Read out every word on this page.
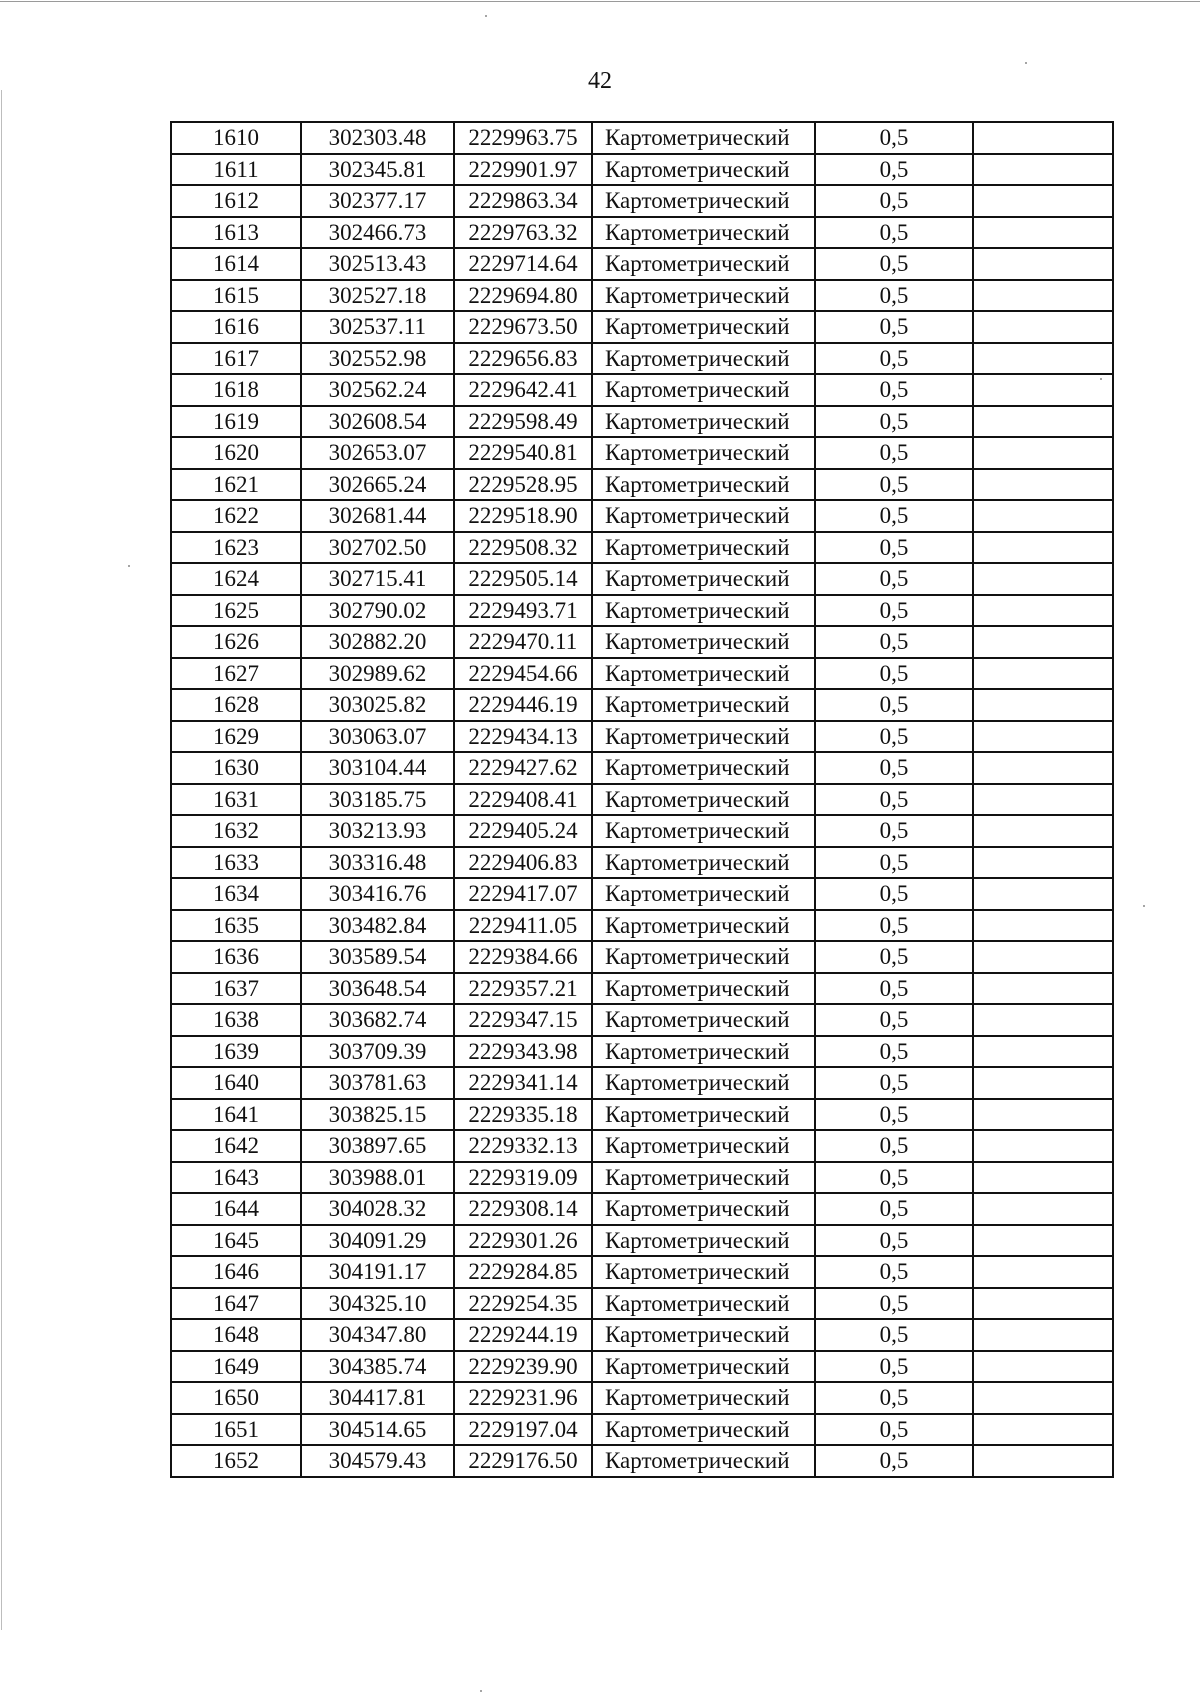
42
1610	302303.48	2229963.75	Картометрический	0,5	
1611	302345.81	2229901.97	Картометрический	0,5	
1612	302377.17	2229863.34	Картометрический	0,5	
1613	302466.73	2229763.32	Картометрический	0,5	
1614	302513.43	2229714.64	Картометрический	0,5	
1615	302527.18	2229694.80	Картометрический	0,5	
1616	302537.11	2229673.50	Картометрический	0,5	
1617	302552.98	2229656.83	Картометрический	0,5	
1618	302562.24	2229642.41	Картометрический	0,5	
1619	302608.54	2229598.49	Картометрический	0,5	
1620	302653.07	2229540.81	Картометрический	0,5	
1621	302665.24	2229528.95	Картометрический	0,5	
1622	302681.44	2229518.90	Картометрический	0,5	
1623	302702.50	2229508.32	Картометрический	0,5	
1624	302715.41	2229505.14	Картометрический	0,5	
1625	302790.02	2229493.71	Картометрический	0,5	
1626	302882.20	2229470.11	Картометрический	0,5	
1627	302989.62	2229454.66	Картометрический	0,5	
1628	303025.82	2229446.19	Картометрический	0,5	
1629	303063.07	2229434.13	Картометрический	0,5	
1630	303104.44	2229427.62	Картометрический	0,5	
1631	303185.75	2229408.41	Картометрический	0,5	
1632	303213.93	2229405.24	Картометрический	0,5	
1633	303316.48	2229406.83	Картометрический	0,5	
1634	303416.76	2229417.07	Картометрический	0,5	
1635	303482.84	2229411.05	Картометрический	0,5	
1636	303589.54	2229384.66	Картометрический	0,5	
1637	303648.54	2229357.21	Картометрический	0,5	
1638	303682.74	2229347.15	Картометрический	0,5	
1639	303709.39	2229343.98	Картометрический	0,5	
1640	303781.63	2229341.14	Картометрический	0,5	
1641	303825.15	2229335.18	Картометрический	0,5	
1642	303897.65	2229332.13	Картометрический	0,5	
1643	303988.01	2229319.09	Картометрический	0,5	
1644	304028.32	2229308.14	Картометрический	0,5	
1645	304091.29	2229301.26	Картометрический	0,5	
1646	304191.17	2229284.85	Картометрический	0,5	
1647	304325.10	2229254.35	Картометрический	0,5	
1648	304347.80	2229244.19	Картометрический	0,5	
1649	304385.74	2229239.90	Картометрический	0,5	
1650	304417.81	2229231.96	Картометрический	0,5	
1651	304514.65	2229197.04	Картометрический	0,5	
1652	304579.43	2229176.50	Картометрический	0,5	
